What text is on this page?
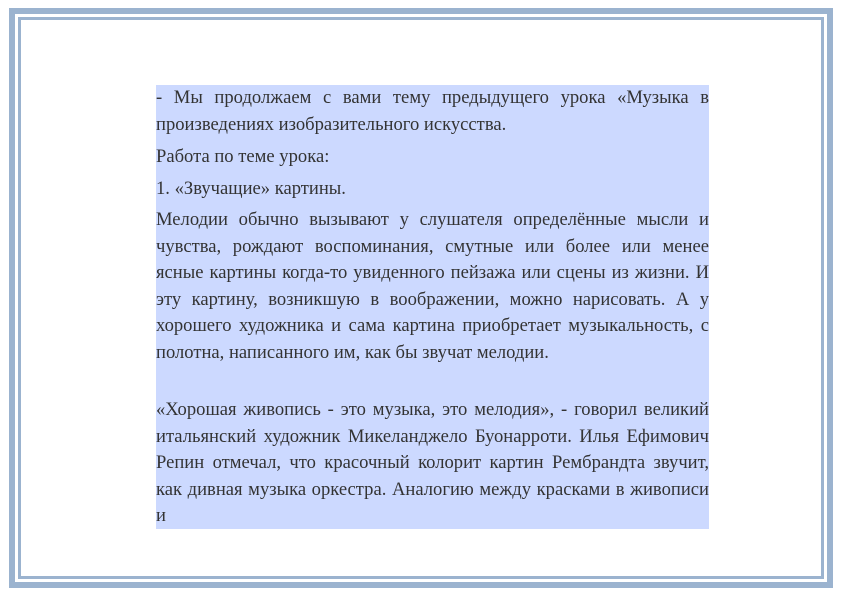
- Мы продолжаем с вами тему предыдущего урока «Музыка в произведениях изобразительного искусства.

Работа по теме урока:

1. «Звучащие» картины.

Мелодии обычно вызывают у слушателя определённые мысли и чувства, рождают воспоминания, смутные или более или менее ясные картины когда-то увиденного пейзажа или сцены из жизни. И эту картину, возникшую в воображении, можно нарисовать. А у хорошего художника и сама картина приобретает музыкальность, с полотна, написанного им, как бы звучат мелодии.

«Хорошая живопись - это музыка, это мелодия», - говорил великий итальянский художник Микеланджело Буонарроти. Илья Ефимович Репин отмечал, что красочный колорит картин Рембрандта звучит, как дивная музыка оркестра. Аналогию между красками в живописи и
